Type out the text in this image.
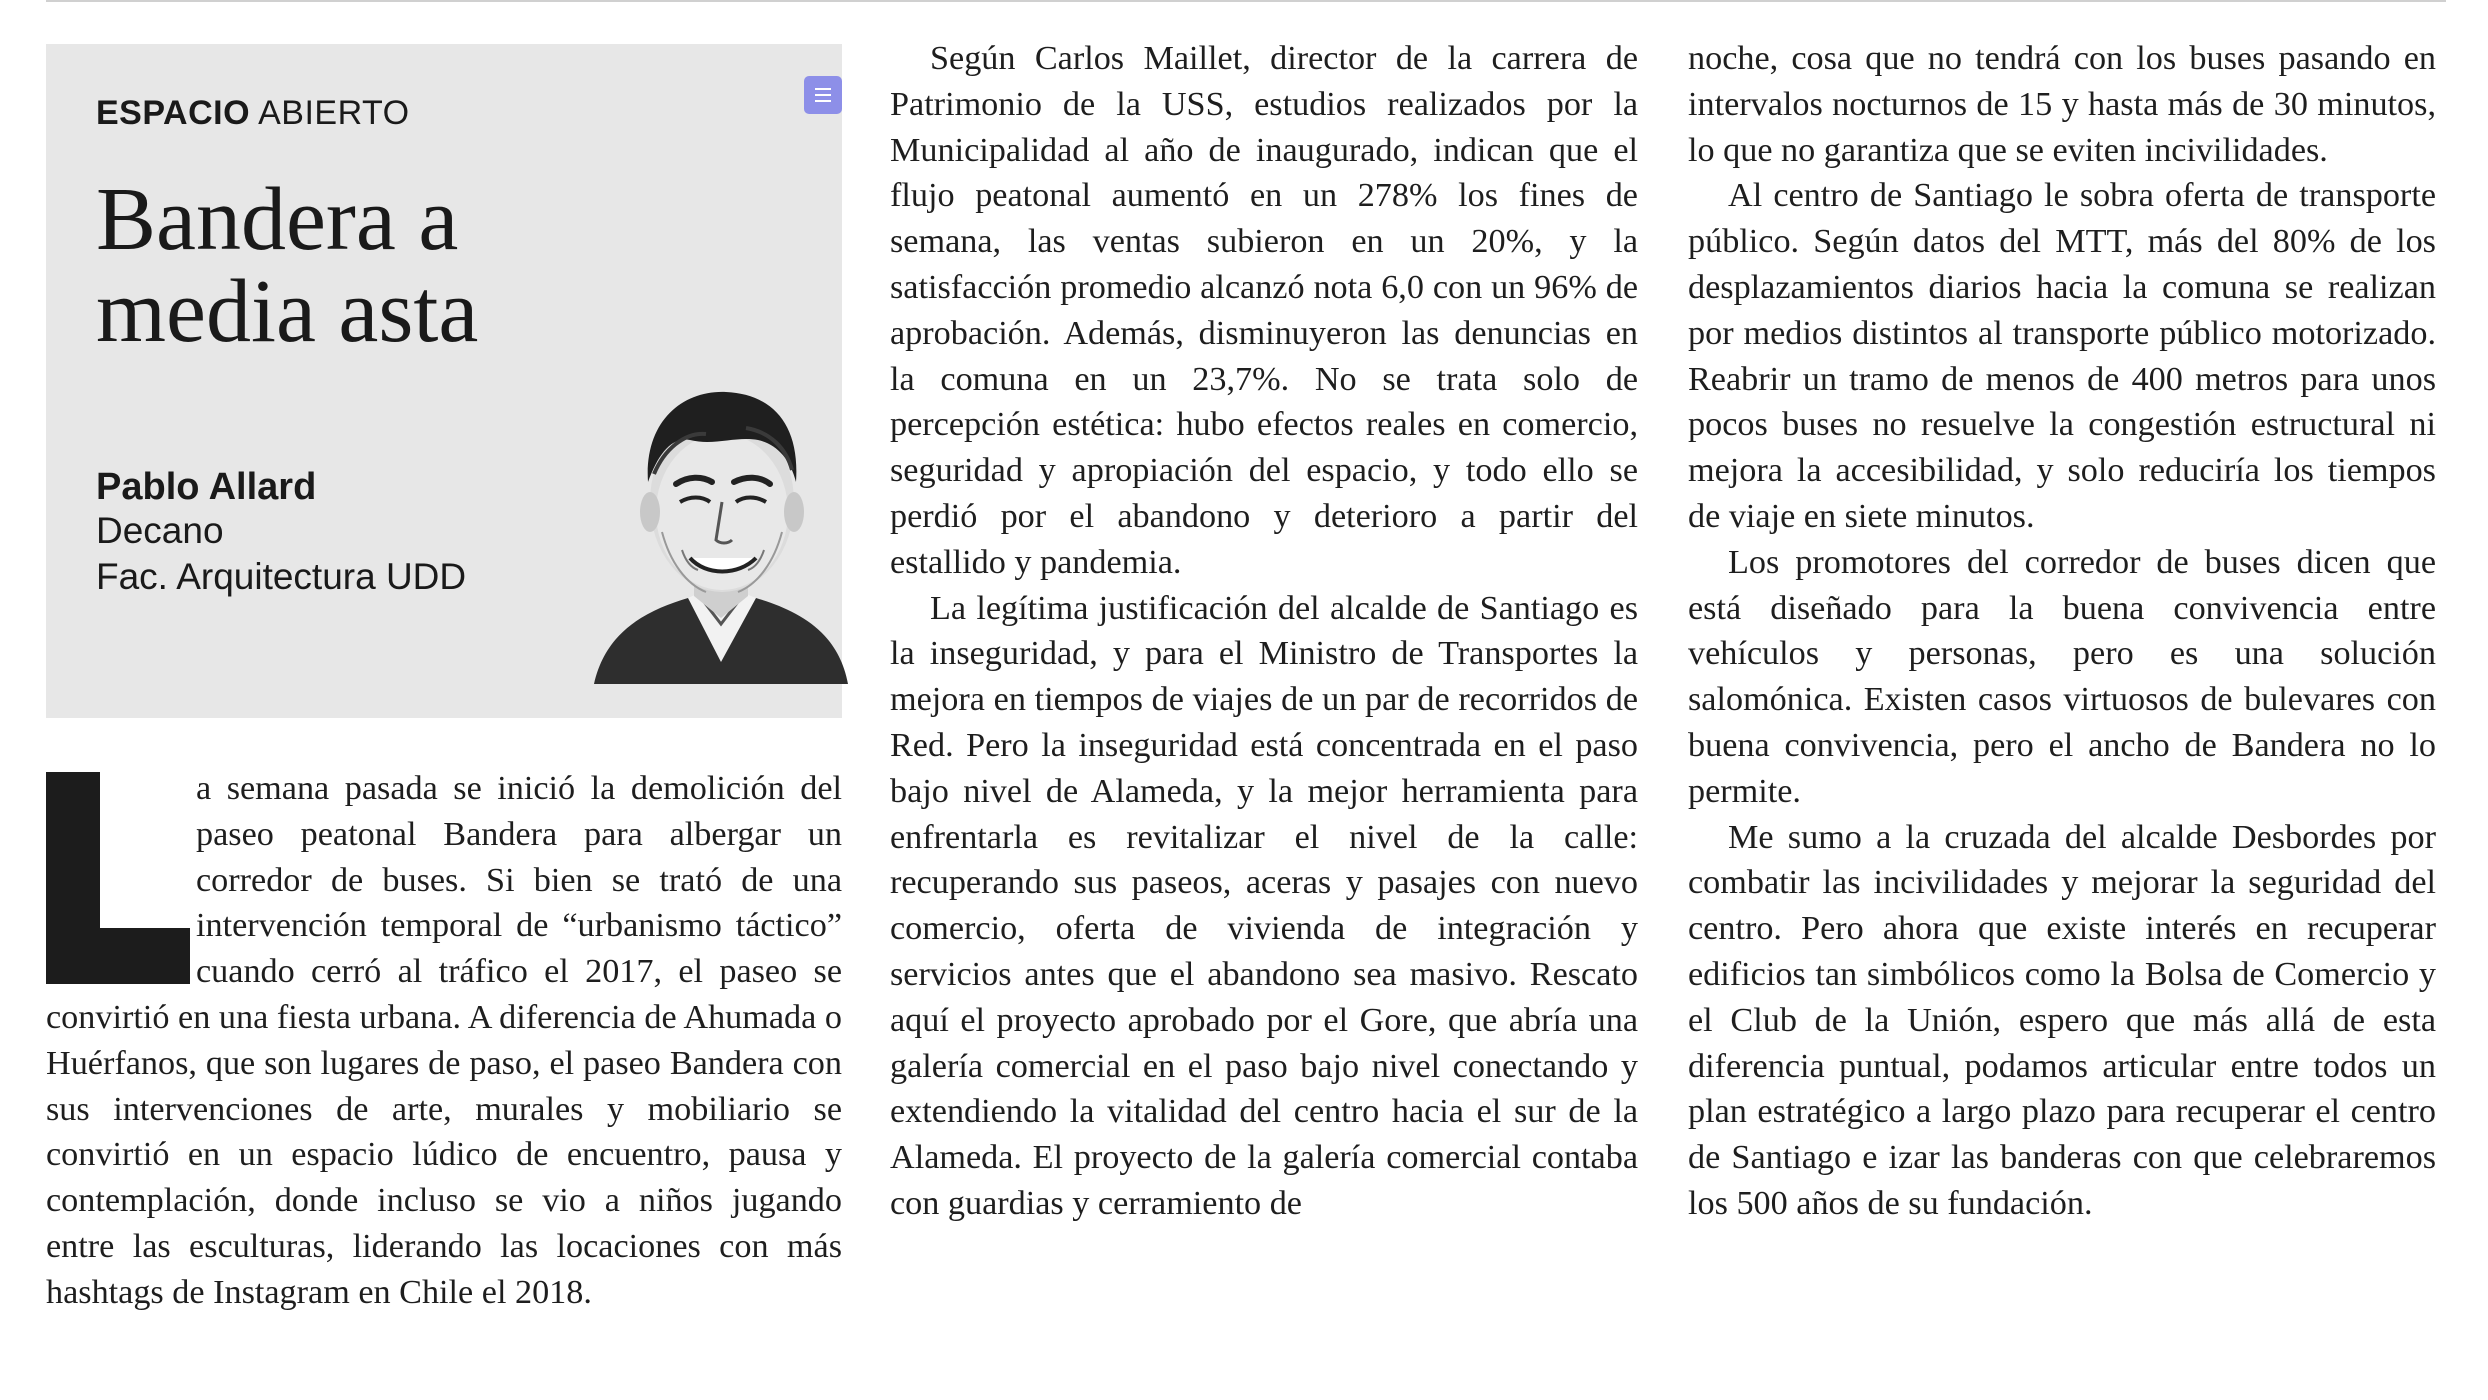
ESPACIO ABIERTO
Bandera a
media asta
Pablo Allard
Decano
Fac. Arquitectura UDD

a semana pasada se inició la demolición del paseo peatonal Bandera para albergar un corredor de buses. Si bien se trató de una intervención temporal de “urbanismo táctico” cuando cerró al tráfico el 2017, el paseo se convirtió en una fiesta urbana. A diferencia de Ahumada o Huérfanos, que son lugares de paso, el paseo Bandera con sus intervenciones de arte, murales y mobiliario se convirtió en un espacio lúdico de encuentro, pausa y contemplación, donde incluso se vio a niños jugando entre las esculturas, liderando las locaciones con más hashtags de Instagram en Chile el 2018.

Según Carlos Maillet, director de la carrera de Patrimonio de la USS, estudios realizados por la Municipalidad al año de inaugurado, indican que el flujo peatonal aumentó en un 278% los fines de semana, las ventas subieron en un 20%, y la satisfacción promedio alcanzó nota 6,0 con un 96% de aprobación. Además, disminuyeron las denuncias en la comuna en un 23,7%. No se trata solo de percepción estética: hubo efectos reales en comercio, seguridad y apropiación del espacio, y todo ello se perdió por el abandono y deterioro a partir del estallido y pandemia.

La legítima justificación del alcalde de Santiago es la inseguridad, y para el Ministro de Transportes la mejora en tiempos de viajes de un par de recorridos de Red. Pero la inseguridad está concentrada en el paso bajo nivel de Alameda, y la mejor herramienta para enfrentarla es revitalizar el nivel de la calle: recuperando sus paseos, aceras y pasajes con nuevo comercio, oferta de vivienda de integración y servicios antes que el abandono sea masivo. Rescato aquí el proyecto aprobado por el Gore, que abría una galería comercial en el paso bajo nivel conectando y extendiendo la vitalidad del centro hacia el sur de la Alameda. El proyecto de la galería comercial contaba con guardias y cerramiento de

noche, cosa que no tendrá con los buses pasando en intervalos nocturnos de 15 y hasta más de 30 minutos, lo que no garantiza que se eviten incivilidades.

Al centro de Santiago le sobra oferta de transporte público. Según datos del MTT, más del 80% de los desplazamientos diarios hacia la comuna se realizan por medios distintos al transporte público motorizado. Reabrir un tramo de menos de 400 metros para unos pocos buses no resuelve la congestión estructural ni mejora la accesibilidad, y solo reduciría los tiempos de viaje en siete minutos.

Los promotores del corredor de buses dicen que está diseñado para la buena convivencia entre vehículos y personas, pero es una solución salomónica. Existen casos virtuosos de bulevares con buena convivencia, pero el ancho de Bandera no lo permite.

Me sumo a la cruzada del alcalde Desbordes por combatir las incivilidades y mejorar la seguridad del centro. Pero ahora que existe interés en recuperar edificios tan simbólicos como la Bolsa de Comercio y el Club de la Unión, espero que más allá de esta diferencia puntual, podamos articular entre todos un plan estratégico a largo plazo para recuperar el centro de Santiago e izar las banderas con que celebraremos los 500 años de su fundación.
